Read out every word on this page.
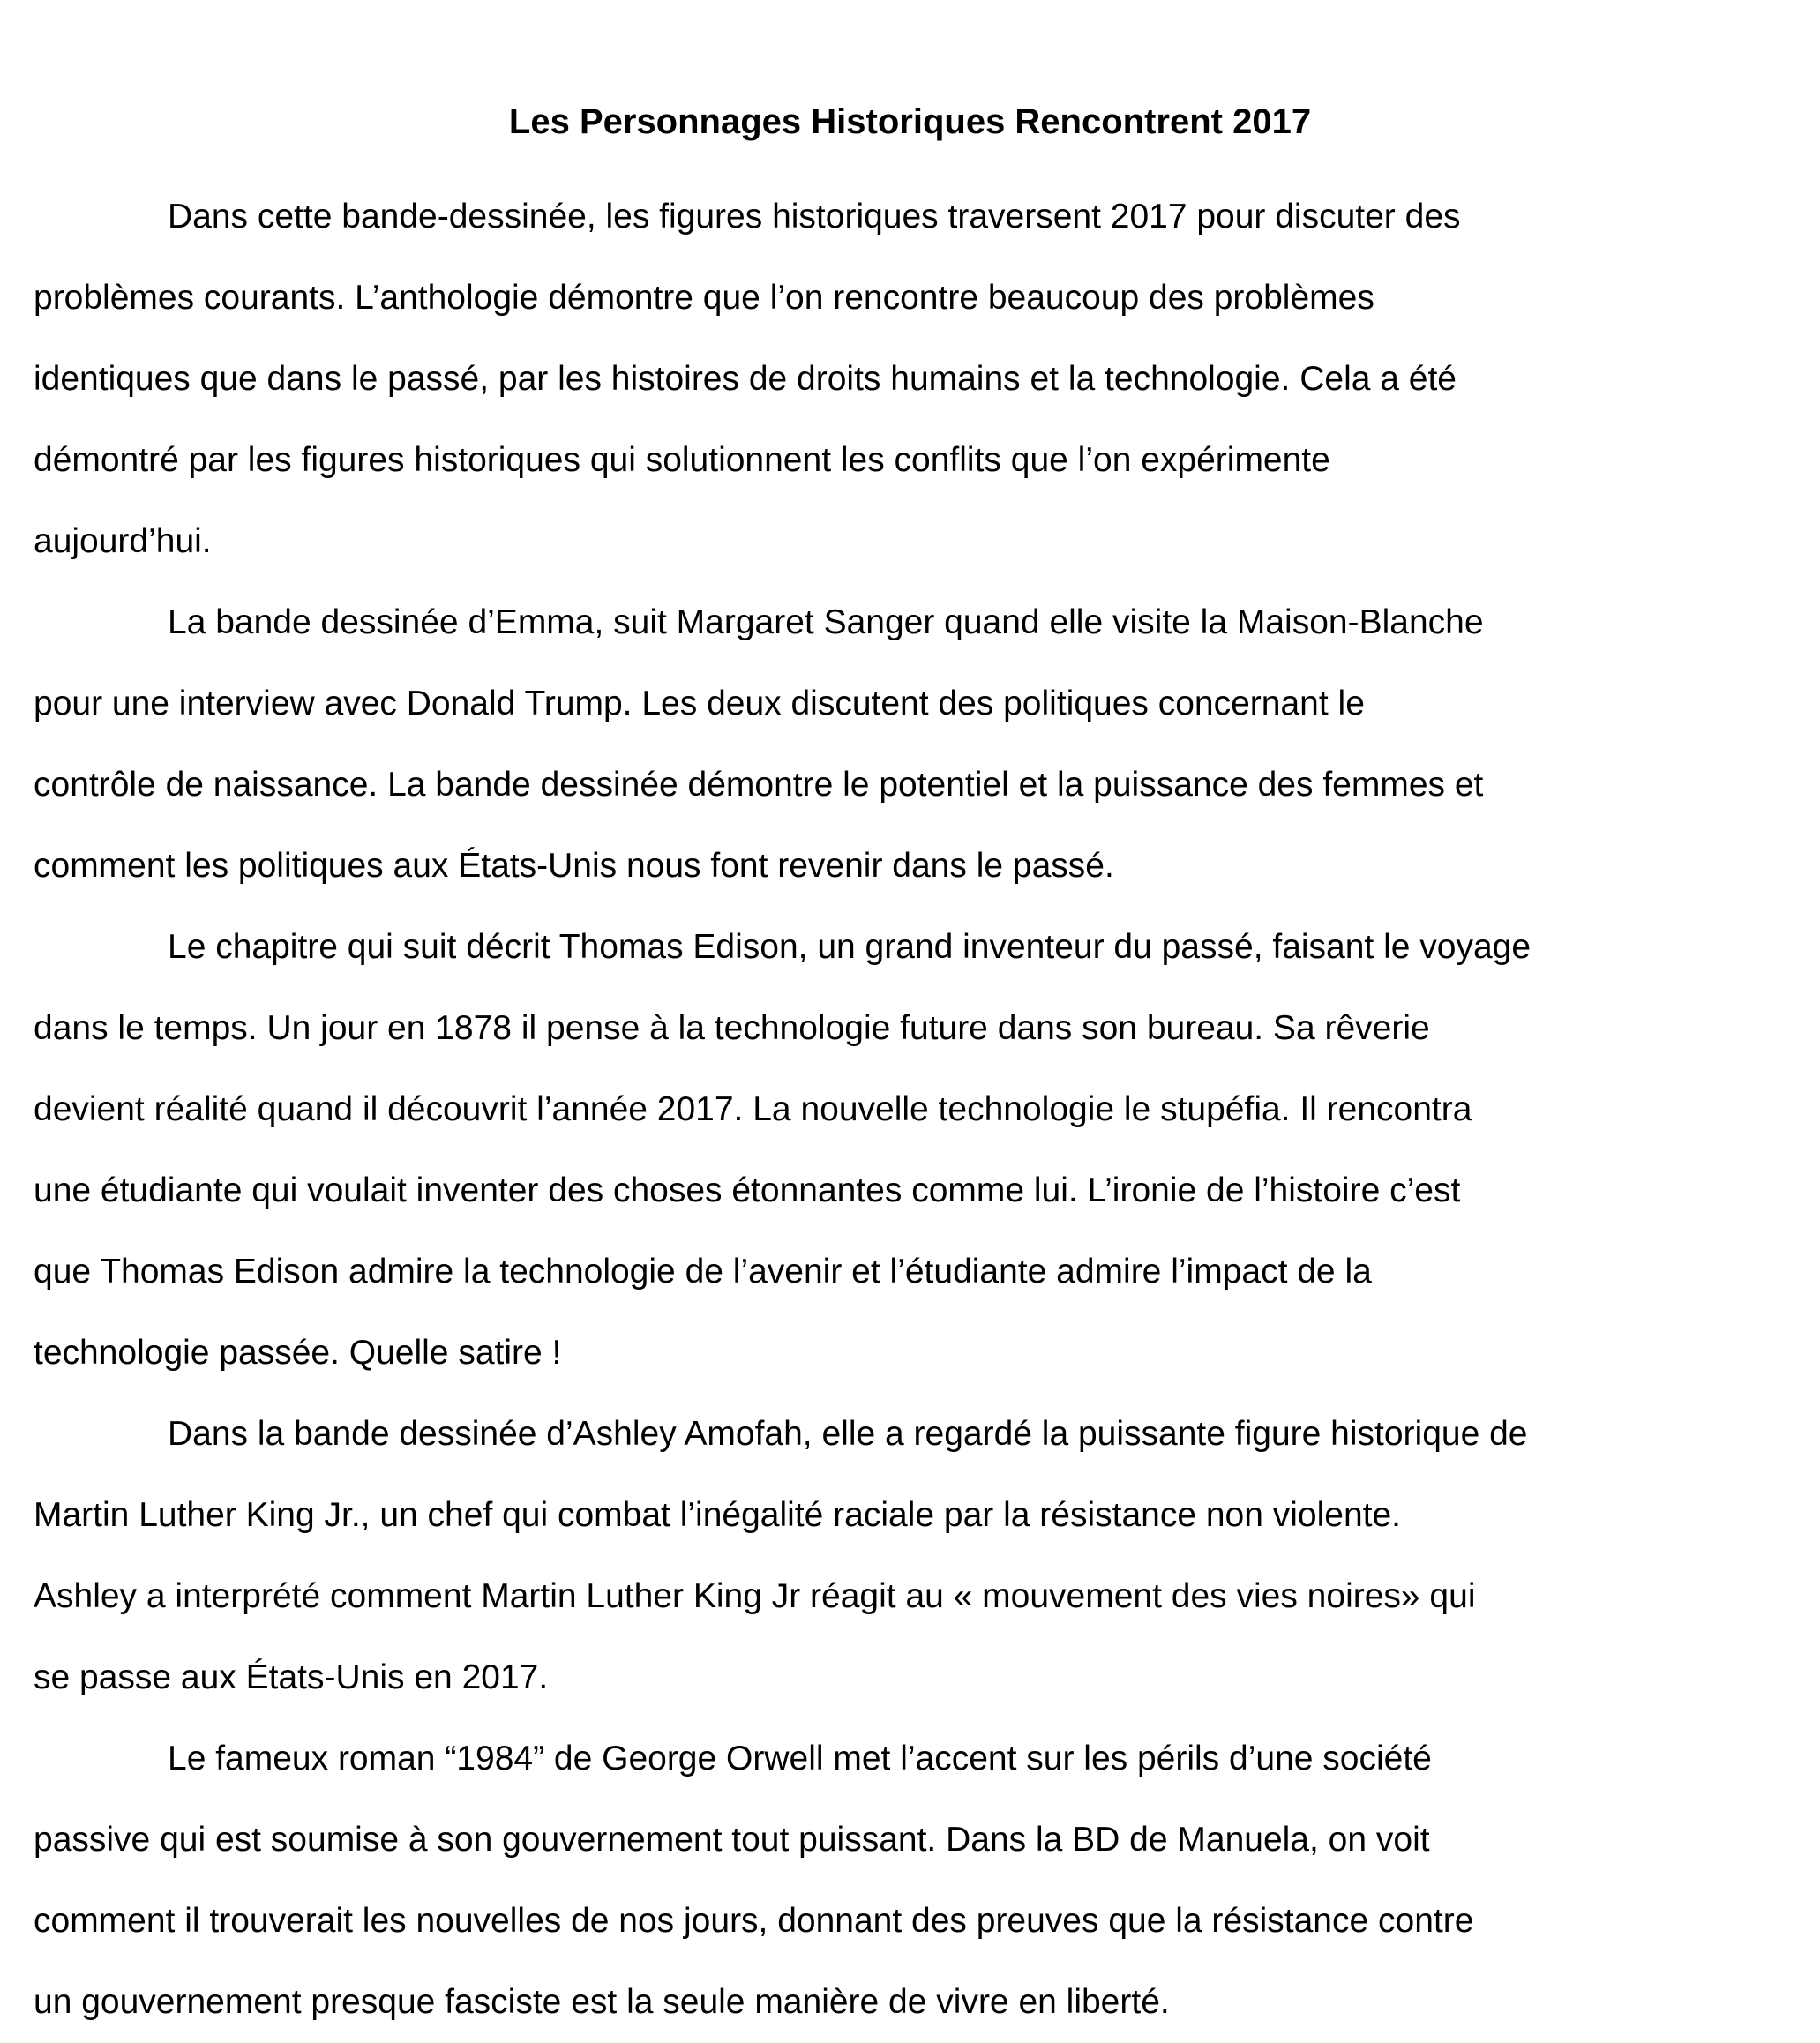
Les Personnages Historiques Rencontrent 2017

Dans cette bande-dessinée, les figures historiques traversent 2017 pour discuter des
problèmes courants. L’anthologie démontre que l’on rencontre beaucoup des problèmes
identiques que dans le passé, par les histoires de droits humains et la technologie. Cela a été
démontré par les figures historiques qui solutionnent les conflits que l’on expérimente
aujourd’hui.

La bande dessinée d’Emma, suit Margaret Sanger quand elle visite la Maison-Blanche
pour une interview avec Donald Trump. Les deux discutent des politiques concernant le
contrôle de naissance. La bande dessinée démontre le potentiel et la puissance des femmes et
comment les politiques aux États-Unis nous font revenir dans le passé.

Le chapitre qui suit décrit Thomas Edison, un grand inventeur du passé, faisant le voyage
dans le temps. Un jour en 1878 il pense à la technologie future dans son bureau. Sa rêverie
devient réalité quand il découvrit l’année 2017. La nouvelle technologie le stupéfia. Il rencontra
une étudiante qui voulait inventer des choses étonnantes comme lui. L’ironie de l’histoire c’est
que Thomas Edison admire la technologie de l’avenir et l’étudiante admire l’impact de la
technologie passée. Quelle satire !

Dans la bande dessinée d’Ashley Amofah, elle a regardé la puissante figure historique de
Martin Luther King Jr., un chef qui combat l’inégalité raciale par la résistance non violente.
Ashley a interprété comment Martin Luther King Jr réagit au « mouvement des vies noires» qui
se passe aux États-Unis en 2017.

Le fameux roman “1984” de George Orwell met l’accent sur les périls d’une société
passive qui est soumise à son gouvernement tout puissant. Dans la BD de Manuela, on voit
comment il trouverait les nouvelles de nos jours, donnant des preuves que la résistance contre
un gouvernement presque fasciste est la seule manière de vivre en liberté.
